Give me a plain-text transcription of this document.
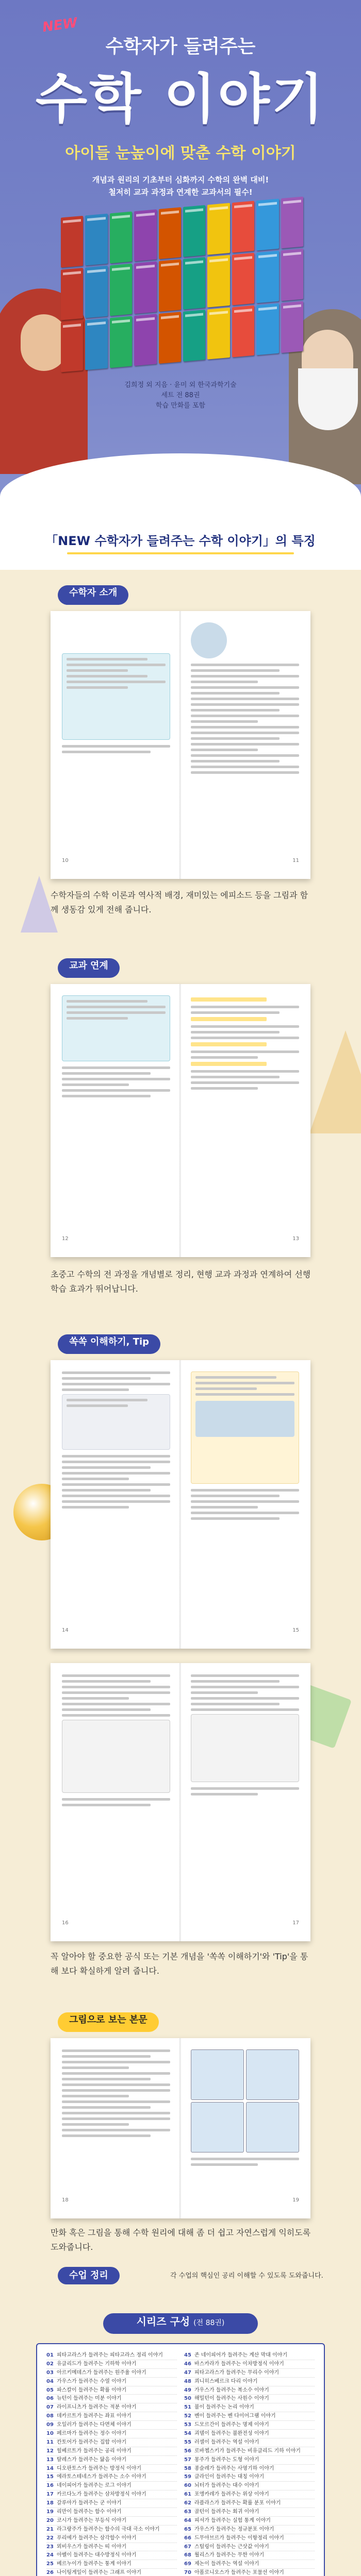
NEW
수학자가 들려주는
수학 이야기
아이들 눈높이에 맞춘 수학 이야기
개념과 원리의 기초부터 심화까지 수학의 완벽 대비!
철저히 교과 과정과 연계한 교과서의 필수!
김희정 외 지음 · 윤미 외 한국과학기술
세트 전 88권
학습 만화를 포함
「NEW 수학자가 들려주는 수학 이야기」의 특징
수학자 소개
10	11
수학자들의 수학 이론과 역사적 배경, 재미있는 에피소드 등을 그림과 함께 생동감 있게 전해 줍니다.
교과 연계
12	13
초중고 수학의 전 과정을 개념별로 정리, 현행 교과 과정과 연계하여 선행 학습 효과가 뛰어납니다.
쏙쏙 이해하기, Tip
14	15
16	17
꼭 알아야 할 중요한 공식 또는 기본 개념을 '쏙쏙 이해하기'와 'Tip'을 통해 보다 확실하게 알려 줍니다.
그림으로 보는 본문
18	19
만화 혹은 그림을 통해 수학 원리에 대해 좀 더 쉽고 자연스럽게 익히도록 도와줍니다.
수업 정리	각 수업의 핵심인 공리 이해할 수 있도록 도와줍니다.
시리즈 구성 (전 88권)
01 피타고라스가 들려주는 피타고라스 정리 이야기
02 유클리드가 들려주는 기하학 이야기
03 아르키메데스가 들려주는 원주율 이야기
04 가우스가 들려주는 수열 이야기
05 파스칼이 들려주는 확률 이야기
06 뉴턴이 들려주는 미분 이야기
07 라이프니츠가 들려주는 적분 이야기
08 데카르트가 들려주는 좌표 이야기
09 오일러가 들려주는 다면체 이야기
10 페르마가 들려주는 정수 이야기
11 칸토어가 들려주는 집합 이야기
12 힐베르트가 들려주는 공리 이야기
13 탈레스가 들려주는 닮음 이야기
14 디오판토스가 들려주는 방정식 이야기
15 에라토스테네스가 들려주는 소수 이야기
16 네이피어가 들려주는 로그 이야기
17 카르다노가 들려주는 삼차방정식 이야기
18 갈루아가 들려주는 군 이야기
19 리만이 들려주는 함수 이야기
20 코시가 들려주는 부등식 이야기
21 라그랑주가 들려주는 함수의 극대 극소 이야기
22 푸리에가 들려주는 삼각함수 이야기
23 뫼비우스가 들려주는 띠 이야기
24 아벨이 들려주는 대수방정식 이야기
25 베르누이가 들려주는 통계 이야기
26 나이팅게일이 들려주는 그래프 이야기
45 존 네이피어가 들려주는 계산 막대 이야기
46 바스카라가 들려주는 이차방정식 이야기
47 피타고라스가 들려주는 무리수 이야기
48 쾨니히스베르크 다리 이야기
49 가우스가 들려주는 복소수 이야기
50 해밀턴이 들려주는 사원수 이야기
51 불이 들려주는 논리 이야기
52 벤이 들려주는 벤 다이어그램 이야기
53 드모르간이 들려주는 명제 이야기
54 괴델이 들려주는 불완전성 이야기
55 러셀이 들려주는 역설 이야기
56 로바쳅스키가 들려주는 비유클리드 기하 이야기
57 몽주가 들려주는 도형 이야기
58 퐁슬레가 들려주는 사영기하 이야기
59 클라인이 들려주는 대칭 이야기
60 뇌터가 들려주는 대수 이야기
61 포앵카레가 들려주는 위상 이야기
62 라플라스가 들려주는 확률 분포 이야기
63 골턴이 들려주는 회귀 이야기
64 피셔가 들려주는 실험 통계 이야기
65 가우스가 들려주는 정규분포 이야기
66 드무아브르가 들려주는 이항정리 이야기
67 스털링이 들려주는 근삿값 이야기
68 월리스가 들려주는 무한 이야기
69 제논이 들려주는 역설 이야기
70 아폴로니오스가 들려주는 포물선 이야기
